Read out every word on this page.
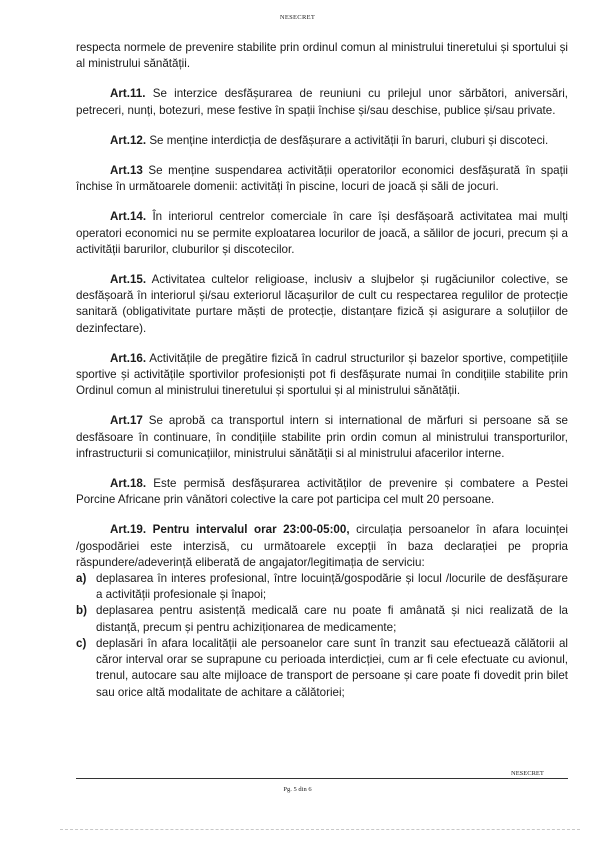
NESECRET

respecta normele de prevenire stabilite prin ordinul comun al ministrului tineretului și sportului și al ministrului sănătății.

Art.11. Se interzice desfășurarea de reuniuni cu prilejul unor sărbători, aniversări, petreceri, nunți, botezuri, mese festive în spații închise și/sau deschise, publice și/sau private.

Art.12. Se menține interdicția de desfășurare a activității în baruri, cluburi și discoteci.

Art.13 Se menține suspendarea activității operatorilor economici desfășurată în spații închise în următoarele domenii: activități în piscine, locuri de joacă și săli de jocuri.

Art.14. În interiorul centrelor comerciale în care își desfășoară activitatea mai mulți operatori economici nu se permite exploatarea locurilor de joacă, a sălilor de jocuri, precum și a activității barurilor, cluburilor și discotecilor.

Art.15. Activitatea cultelor religioase, inclusiv a slujbelor și rugăciunilor colective, se desfășoară în interiorul și/sau exteriorul lăcașurilor de cult cu respectarea regulilor de protecție sanitară (obligativitate purtare măști de protecție, distanțare fizică și asigurare a soluțiilor de dezinfectare).

Art.16. Activitățile de pregătire fizică în cadrul structurilor și bazelor sportive, competițiile sportive și activitățile sportivilor profesioniști pot fi desfășurate numai în condițiile stabilite prin Ordinul comun al ministrului tineretului și sportului și al ministrului sănătății.

Art.17 Se aprobă ca transportul intern si international de mărfuri si persoane să se desfăsoare în continuare, în condițiile stabilite prin ordin comun al ministrului transporturilor, infrastructurii si comunicațiilor, ministrului sănătății si al ministrului afacerilor interne.

Art.18. Este permisă desfășurarea activităților de prevenire și combatere a Pestei Porcine Africane prin vânători colective la care pot participa cel mult 20 persoane.

Art.19. Pentru intervalul orar 23:00-05:00, circulația persoanelor în afara locuinței /gospodăriei este interzisă, cu următoarele excepții în baza declarației pe propria răspundere/adeverință eliberată de angajator/legitimația de serviciu:

a) deplasarea în interes profesional, între locuință/gospodărie și locul /locurile de desfășurare a activității profesionale și înapoi;
b) deplasarea pentru asistență medicală care nu poate fi amânată și nici realizată de la distanță, precum și pentru achiziționarea de medicamente;
c) deplasări în afara localității ale persoanelor care sunt în tranzit sau efectuează călătorii al căror interval orar se suprapune cu perioada interdicției, cum ar fi cele efectuate cu avionul, trenul, autocare sau alte mijloace de transport de persoane și care poate fi dovedit prin bilet sau orice altă modalitate de achitare a călătoriei;
NESECRET
Pg. 5 din 6
